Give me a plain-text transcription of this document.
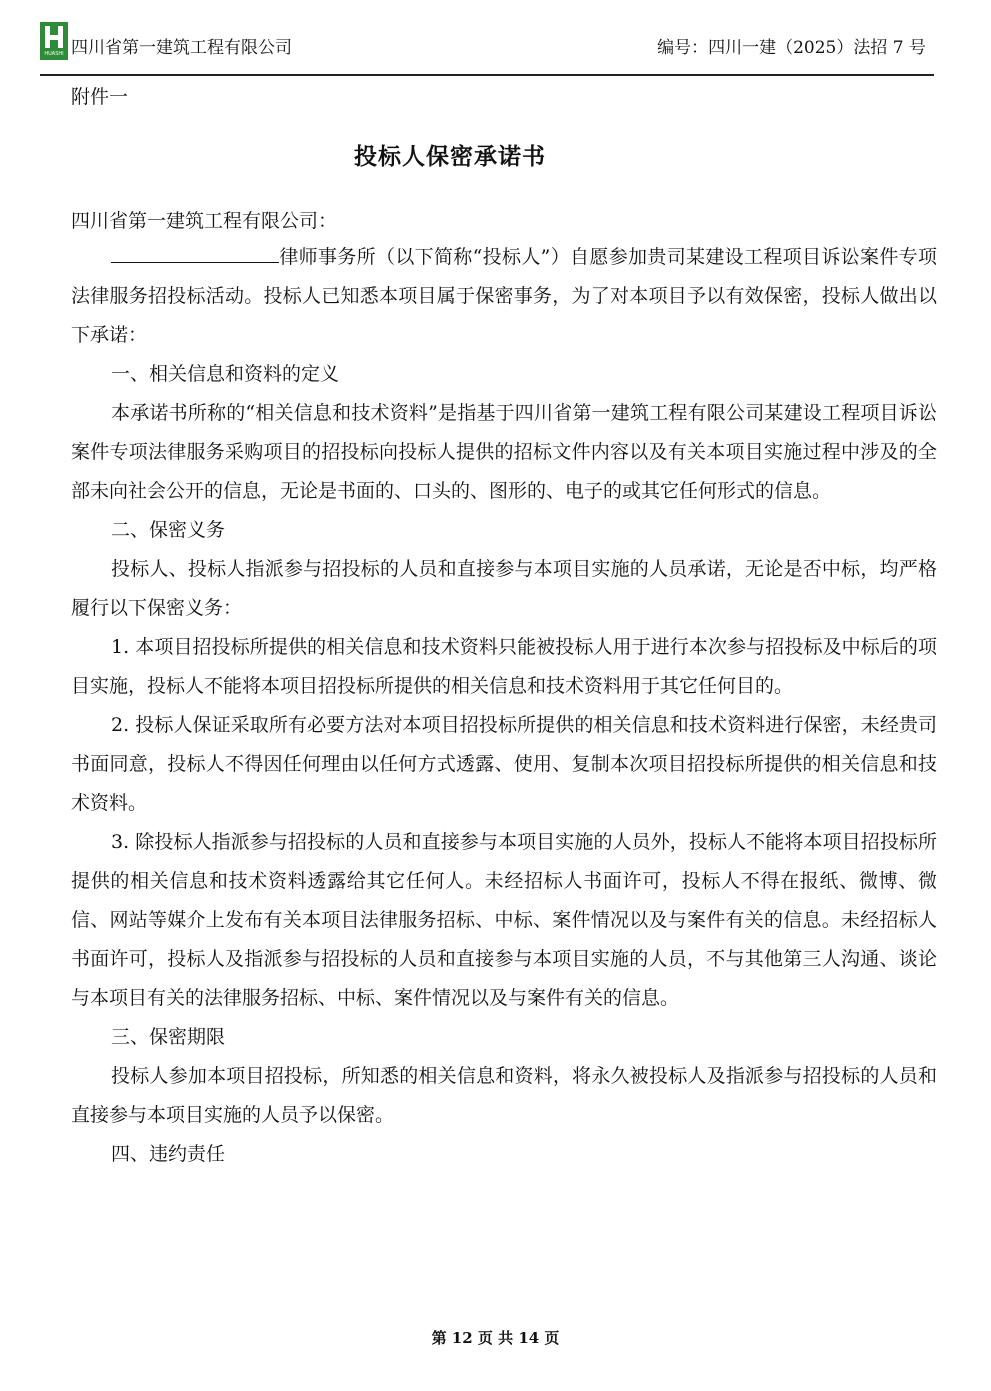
HUASHI 四川省第一建筑工程有限公司	编号：四川一建（2025）法招 7 号
附件一
投标人保密承诺书
四川省第一建筑工程有限公司：

律师事务所（以下简称“投标人”）自愿参加贵司某建设工程项目诉讼案件专项法律服务招投标活动。投标人已知悉本项目属于保密事务，为了对本项目予以有效保密，投标人做出以下承诺：

一、相关信息和资料的定义

本承诺书所称的“相关信息和技术资料”是指基于四川省第一建筑工程有限公司某建设工程项目诉讼案件专项法律服务采购项目的招投标向投标人提供的招标文件内容以及有关本项目实施过程中涉及的全部未向社会公开的信息，无论是书面的、口头的、图形的、电子的或其它任何形式的信息。

二、保密义务

投标人、投标人指派参与招投标的人员和直接参与本项目实施的人员承诺，无论是否中标，均严格履行以下保密义务：

1. 本项目招投标所提供的相关信息和技术资料只能被投标人用于进行本次参与招投标及中标后的项目实施，投标人不能将本项目招投标所提供的相关信息和技术资料用于其它任何目的。

2. 投标人保证采取所有必要方法对本项目招投标所提供的相关信息和技术资料进行保密，未经贵司书面同意，投标人不得因任何理由以任何方式透露、使用、复制本次项目招投标所提供的相关信息和技术资料。

3. 除投标人指派参与招投标的人员和直接参与本项目实施的人员外，投标人不能将本项目招投标所提供的相关信息和技术资料透露给其它任何人。未经招标人书面许可，投标人不得在报纸、微博、微信、网站等媒介上发布有关本项目法律服务招标、中标、案件情况以及与案件有关的信息。未经招标人书面许可，投标人及指派参与招投标的人员和直接参与本项目实施的人员，不与其他第三人沟通、谈论与本项目有关的法律服务招标、中标、案件情况以及与案件有关的信息。

三、保密期限

投标人参加本项目招投标，所知悉的相关信息和资料，将永久被投标人及指派参与招投标的人员和直接参与本项目实施的人员予以保密。

四、违约责任

第 12 页 共 14 页
